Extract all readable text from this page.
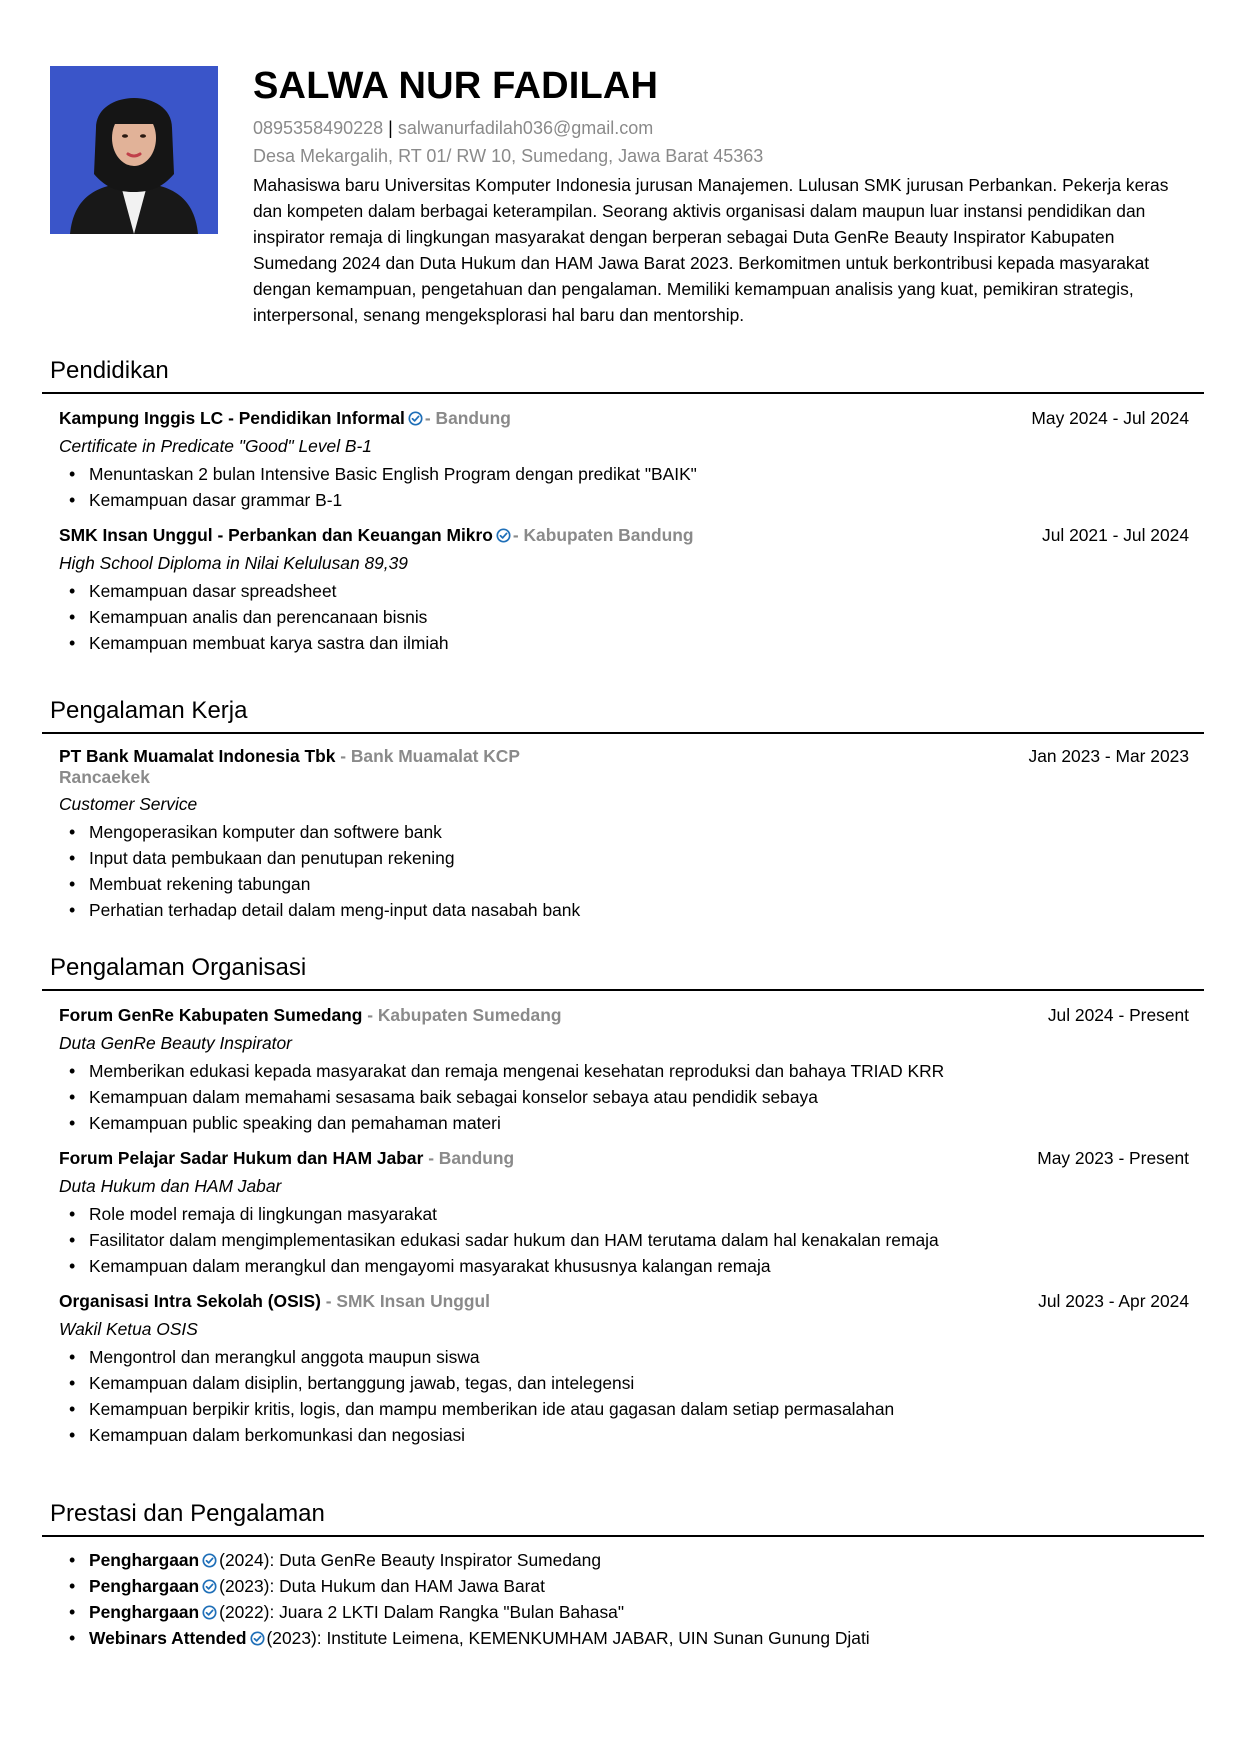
SALWA NUR FADILAH
0895358490228 | salwanurfadilah036@gmail.com
Desa Mekargalih, RT 01/ RW 10, Sumedang, Jawa Barat 45363
Mahasiswa baru Universitas Komputer Indonesia jurusan Manajemen. Lulusan SMK jurusan Perbankan. Pekerja keras dan kompeten dalam berbagai keterampilan. Seorang aktivis organisasi dalam maupun luar instansi pendidikan dan inspirator remaja di lingkungan masyarakat dengan berperan sebagai Duta GenRe Beauty Inspirator Kabupaten Sumedang 2024 dan Duta Hukum dan HAM Jawa Barat 2023. Berkomitmen untuk berkontribusi kepada masyarakat dengan kemampuan, pengetahuan dan pengalaman. Memiliki kemampuan analisis yang kuat, pemikiran strategis, interpersonal, senang mengeksplorasi hal baru dan mentorship.
Pendidikan
Kampung Inggis LC - Pendidikan Informal - Bandung	May 2024 - Jul 2024
Certificate in Predicate "Good" Level B-1
• Menuntaskan 2 bulan Intensive Basic English Program dengan predikat "BAIK"
• Kemampuan dasar grammar B-1
SMK Insan Unggul - Perbankan dan Keuangan Mikro - Kabupaten Bandung	Jul 2021 - Jul 2024
High School Diploma in Nilai Kelulusan 89,39
• Kemampuan dasar spreadsheet
• Kemampuan analis dan perencanaan bisnis
• Kemampuan membuat karya sastra dan ilmiah
Pengalaman Kerja
PT Bank Muamalat Indonesia Tbk - Bank Muamalat KCP
Rancaekek
Jan 2023 - Mar 2023
Customer Service
• Mengoperasikan komputer dan softwere bank
• Input data pembukaan dan penutupan rekening
• Membuat rekening tabungan
• Perhatian terhadap detail dalam meng-input data nasabah bank
Pengalaman Organisasi
Forum GenRe Kabupaten Sumedang - Kabupaten Sumedang	Jul 2024 - Present
Duta GenRe Beauty Inspirator
• Memberikan edukasi kepada masyarakat dan remaja mengenai kesehatan reproduksi dan bahaya TRIAD KRR
• Kemampuan dalam memahami sesasama baik sebagai konselor sebaya atau pendidik sebaya
• Kemampuan public speaking dan pemahaman materi
Forum Pelajar Sadar Hukum dan HAM Jabar - Bandung	May 2023 - Present
Duta Hukum dan HAM Jabar
• Role model remaja di lingkungan masyarakat
• Fasilitator dalam mengimplementasikan edukasi sadar hukum dan HAM terutama dalam hal kenakalan remaja
• Kemampuan dalam merangkul dan mengayomi masyarakat khususnya kalangan remaja
Organisasi Intra Sekolah (OSIS) - SMK Insan Unggul	Jul 2023 - Apr 2024
Wakil Ketua OSIS
• Mengontrol dan merangkul anggota maupun siswa
• Kemampuan dalam disiplin, bertanggung jawab, tegas, dan intelegensi
• Kemampuan berpikir kritis, logis, dan mampu memberikan ide atau gagasan dalam setiap permasalahan
• Kemampuan dalam berkomunkasi dan negosiasi
Prestasi dan Pengalaman
• Penghargaan (2024): Duta GenRe Beauty Inspirator Sumedang
• Penghargaan (2023): Duta Hukum dan HAM Jawa Barat
• Penghargaan (2022): Juara 2 LKTI Dalam Rangka "Bulan Bahasa"
• Webinars Attended (2023): Institute Leimena, KEMENKUMHAM JABAR, UIN Sunan Gunung Djati
